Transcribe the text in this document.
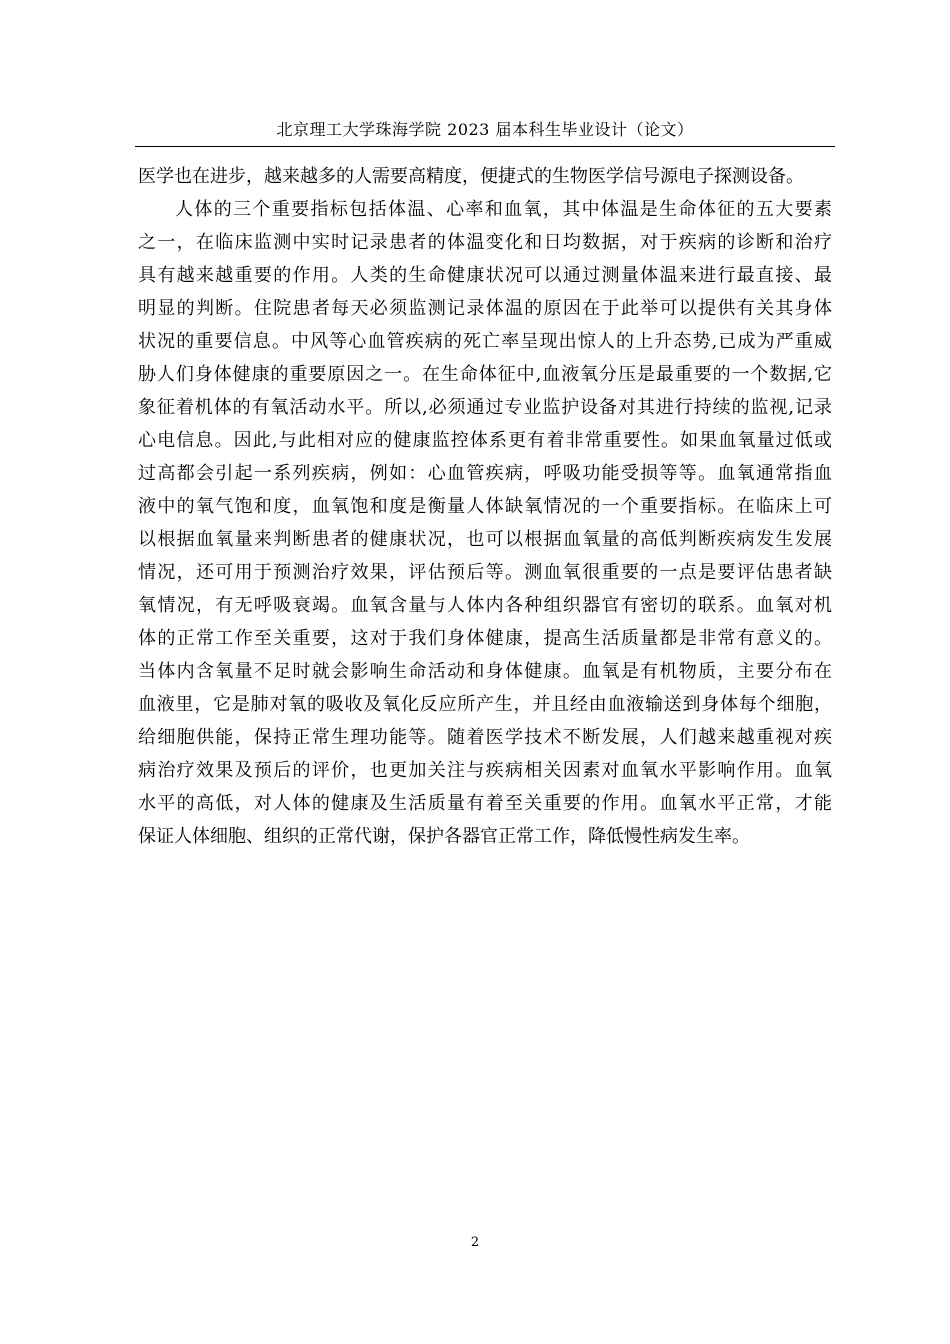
北京理工大学珠海学院 2023 届本科生毕业设计（论文）
医学也在进步，越来越多的人需要高精度，便捷式的生物医学信号源电子探测设备。
人体的三个重要指标包括体温、心率和血氧，其中体温是生命体征的五大要素
之一，在临床监测中实时记录患者的体温变化和日均数据，对于疾病的诊断和治疗
具有越来越重要的作用。人类的生命健康状况可以通过测量体温来进行最直接、最
明显的判断。住院患者每天必须监测记录体温的原因在于此举可以提供有关其身体
状况的重要信息。中风等心血管疾病的死亡率呈现出惊人的上升态势,已成为严重威
胁人们身体健康的重要原因之一。在生命体征中,血液氧分压是最重要的一个数据,它
象征着机体的有氧活动水平。所以,必须通过专业监护设备对其进行持续的监视,记录
心电信息。因此,与此相对应的健康监控体系更有着非常重要性。如果血氧量过低或
过高都会引起一系列疾病，例如：心血管疾病，呼吸功能受损等等。血氧通常指血
液中的氧气饱和度，血氧饱和度是衡量人体缺氧情况的一个重要指标。在临床上可
以根据血氧量来判断患者的健康状况，也可以根据血氧量的高低判断疾病发生发展
情况，还可用于预测治疗效果，评估预后等。测血氧很重要的一点是要评估患者缺
氧情况，有无呼吸衰竭。血氧含量与人体内各种组织器官有密切的联系。血氧对机
体的正常工作至关重要，这对于我们身体健康，提高生活质量都是非常有意义的。
当体内含氧量不足时就会影响生命活动和身体健康。血氧是有机物质，主要分布在
血液里，它是肺对氧的吸收及氧化反应所产生，并且经由血液输送到身体每个细胞，
给细胞供能，保持正常生理功能等。随着医学技术不断发展，人们越来越重视对疾
病治疗效果及预后的评价，也更加关注与疾病相关因素对血氧水平影响作用。血氧
水平的高低，对人体的健康及生活质量有着至关重要的作用。血氧水平正常，才能
保证人体细胞、组织的正常代谢，保护各器官正常工作，降低慢性病发生率。
2
